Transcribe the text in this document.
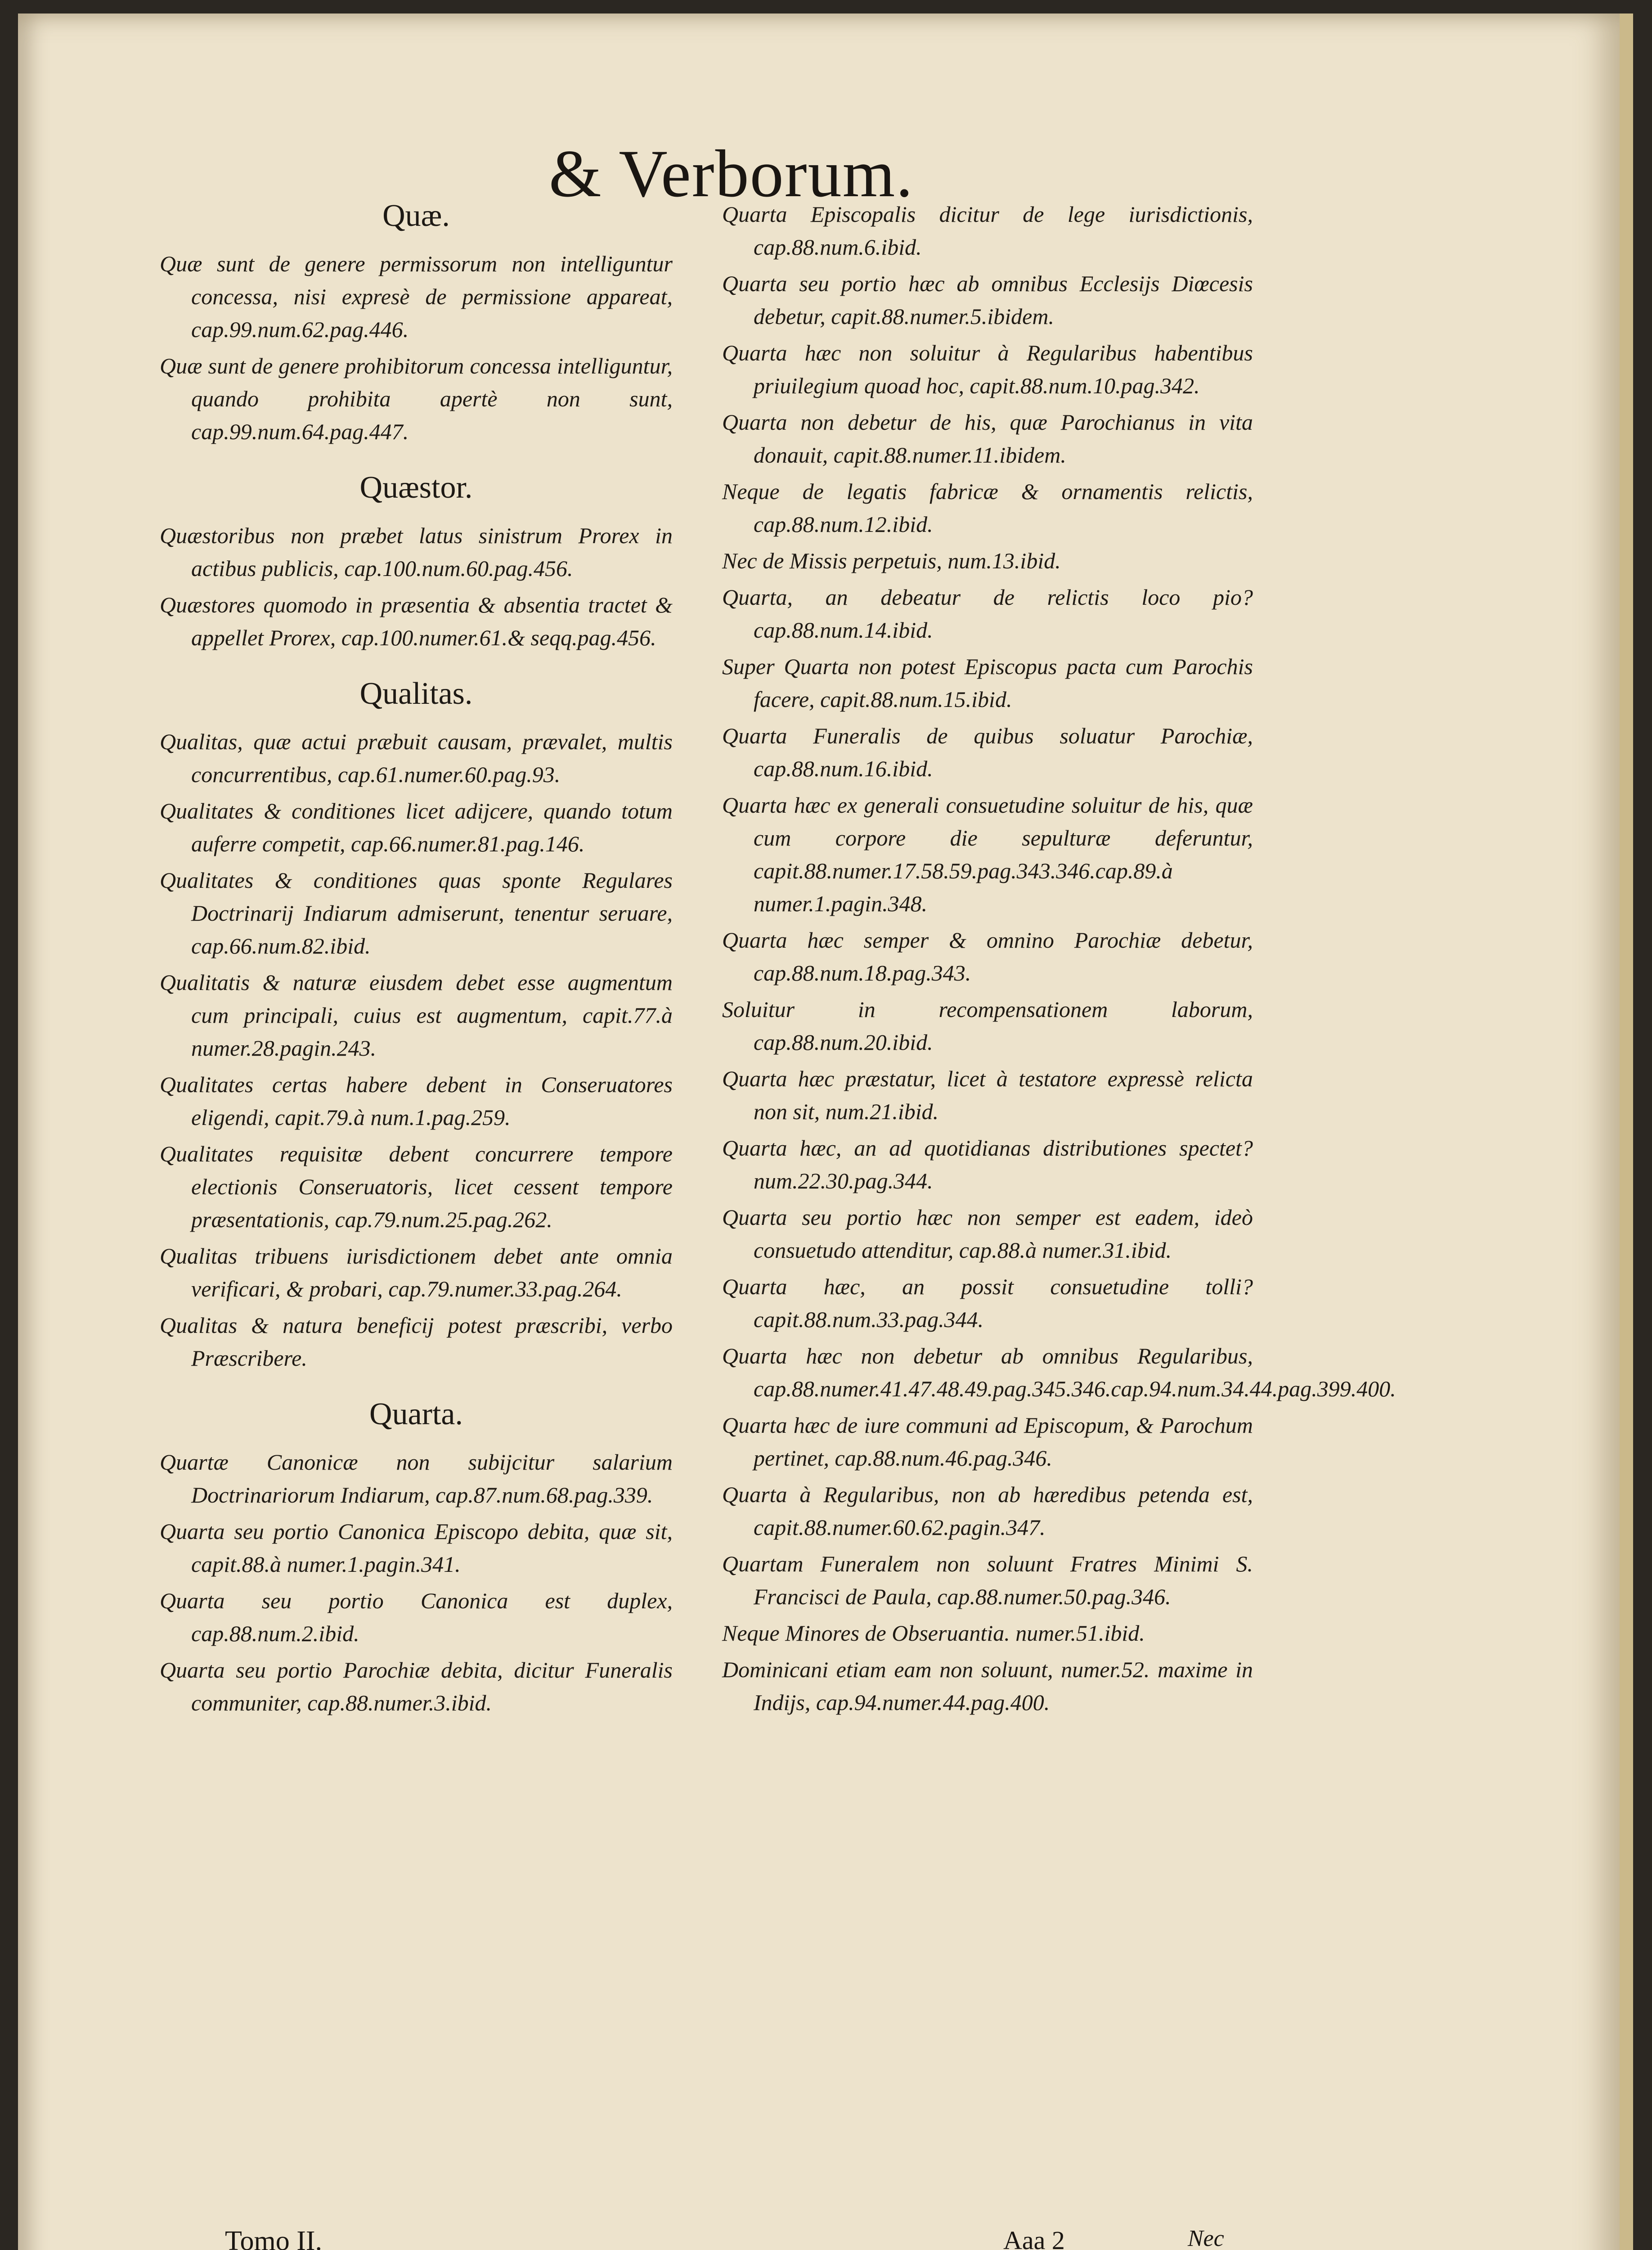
& Verborum.
Quæ.
Quæ sunt de genere permissorum non intelliguntur concessa, nisi expresè de permissione appareat, cap.99.num.62.pag.446.
Quæ sunt de genere prohibitorum concessa intelliguntur, quando prohibita apertè non sunt, cap.99.num.64.pag.447.
Quæstor.
Quæstoribus non præbet latus sinistrum Prorex in actibus publicis, cap.100.num.60.pag.456.
Quæstores quomodo in præsentia & absentia tractet & appellet Prorex, cap.100.numer.61.& seqq.pag.456.
Qualitas.
Qualitas, quæ actui præbuit causam, prævalet, multis concurrentibus, cap.61.numer.60.pag.93.
Qualitates & conditiones licet adijcere, quando totum auferre competit, cap.66.numer.81.pag.146.
Qualitates & conditiones quas sponte Regulares Doctrinarij Indiarum admiserunt, tenentur seruare, cap.66.num.82.ibid.
Qualitatis & naturæ eiusdem debet esse augmentum cum principali, cuius est augmentum, capit.77.à numer.28.pagin.243.
Qualitates certas habere debent in Conseruatores eligendi, capit.79.à num.1.pag.259.
Qualitates requisitæ debent concurrere tempore electionis Conseruatoris, licet cessent tempore præsentationis, cap.79.num.25.pag.262.
Qualitas tribuens iurisdictionem debet ante omnia verificari, & probari, cap.79.numer.33.pag.264.
Qualitas & natura beneficij potest præscribi, verbo Præscribere.
Quarta.
Quartæ Canonicæ non subijcitur salarium Doctrinariorum Indiarum, cap.87.num.68.pag.339.
Quarta seu portio Canonica Episcopo debita, quæ sit, capit.88.à numer.1.pagin.341.
Quarta seu portio Canonica est duplex, cap.88.num.2.ibid.
Quarta seu portio Parochiæ debita, dicitur Funeralis communiter, cap.88.numer.3.ibid.
Quarta Episcopalis dicitur de lege iurisdictionis, cap.88.num.6.ibid.
Quarta seu portio hæc ab omnibus Ecclesijs Diœcesis debetur, capit.88.numer.5.ibidem.
Quarta hæc non soluitur à Regularibus habentibus priuilegium quoad hoc, capit.88.num.10.pag.342.
Quarta non debetur de his, quæ Parochianus in vita donauit, capit.88.numer.11.ibidem.
Neque de legatis fabricæ & ornamentis relictis, cap.88.num.12.ibid.
Nec de Missis perpetuis, num.13.ibid.
Quarta, an debeatur de relictis loco pio? cap.88.num.14.ibid.
Super Quarta non potest Episcopus pacta cum Parochis facere, capit.88.num.15.ibid.
Quarta Funeralis de quibus soluatur Parochiæ, cap.88.num.16.ibid.
Quarta hæc ex generali consuetudine soluitur de his, quæ cum corpore die sepulturæ deferuntur, capit.88.numer.17.58.59.pag.343.346.cap.89.à numer.1.pagin.348.
Quarta hæc semper & omnino Parochiæ debetur, cap.88.num.18.pag.343.
Soluitur in recompensationem laborum, cap.88.num.20.ibid.
Quarta hæc præstatur, licet à testatore expressè relicta non sit, num.21.ibid.
Quarta hæc, an ad quotidianas distributiones spectet? num.22.30.pag.344.
Quarta seu portio hæc non semper est eadem, ideò consuetudo attenditur, cap.88.à numer.31.ibid.
Quarta hæc, an possit consuetudine tolli? capit.88.num.33.pag.344.
Quarta hæc non debetur ab omnibus Regularibus, cap.88.numer.41.47.48.49.pag.345.346.cap.94.num.34.44.pag.399.400.
Quarta hæc de iure communi ad Episcopum, & Parochum pertinet, cap.88.num.46.pag.346.
Quarta à Regularibus, non ab hæredibus petenda est, capit.88.numer.60.62.pagin.347.
Quartam Funeralem non soluunt Fratres Minimi S. Francisci de Paula, cap.88.numer.50.pag.346.
Neque Minores de Obseruantia. numer.51.ibid.
Dominicani etiam eam non soluunt, numer.52. maxime in Indijs, cap.94.numer.44.pag.400.
Tomo II.	Aaa 2	Nec
